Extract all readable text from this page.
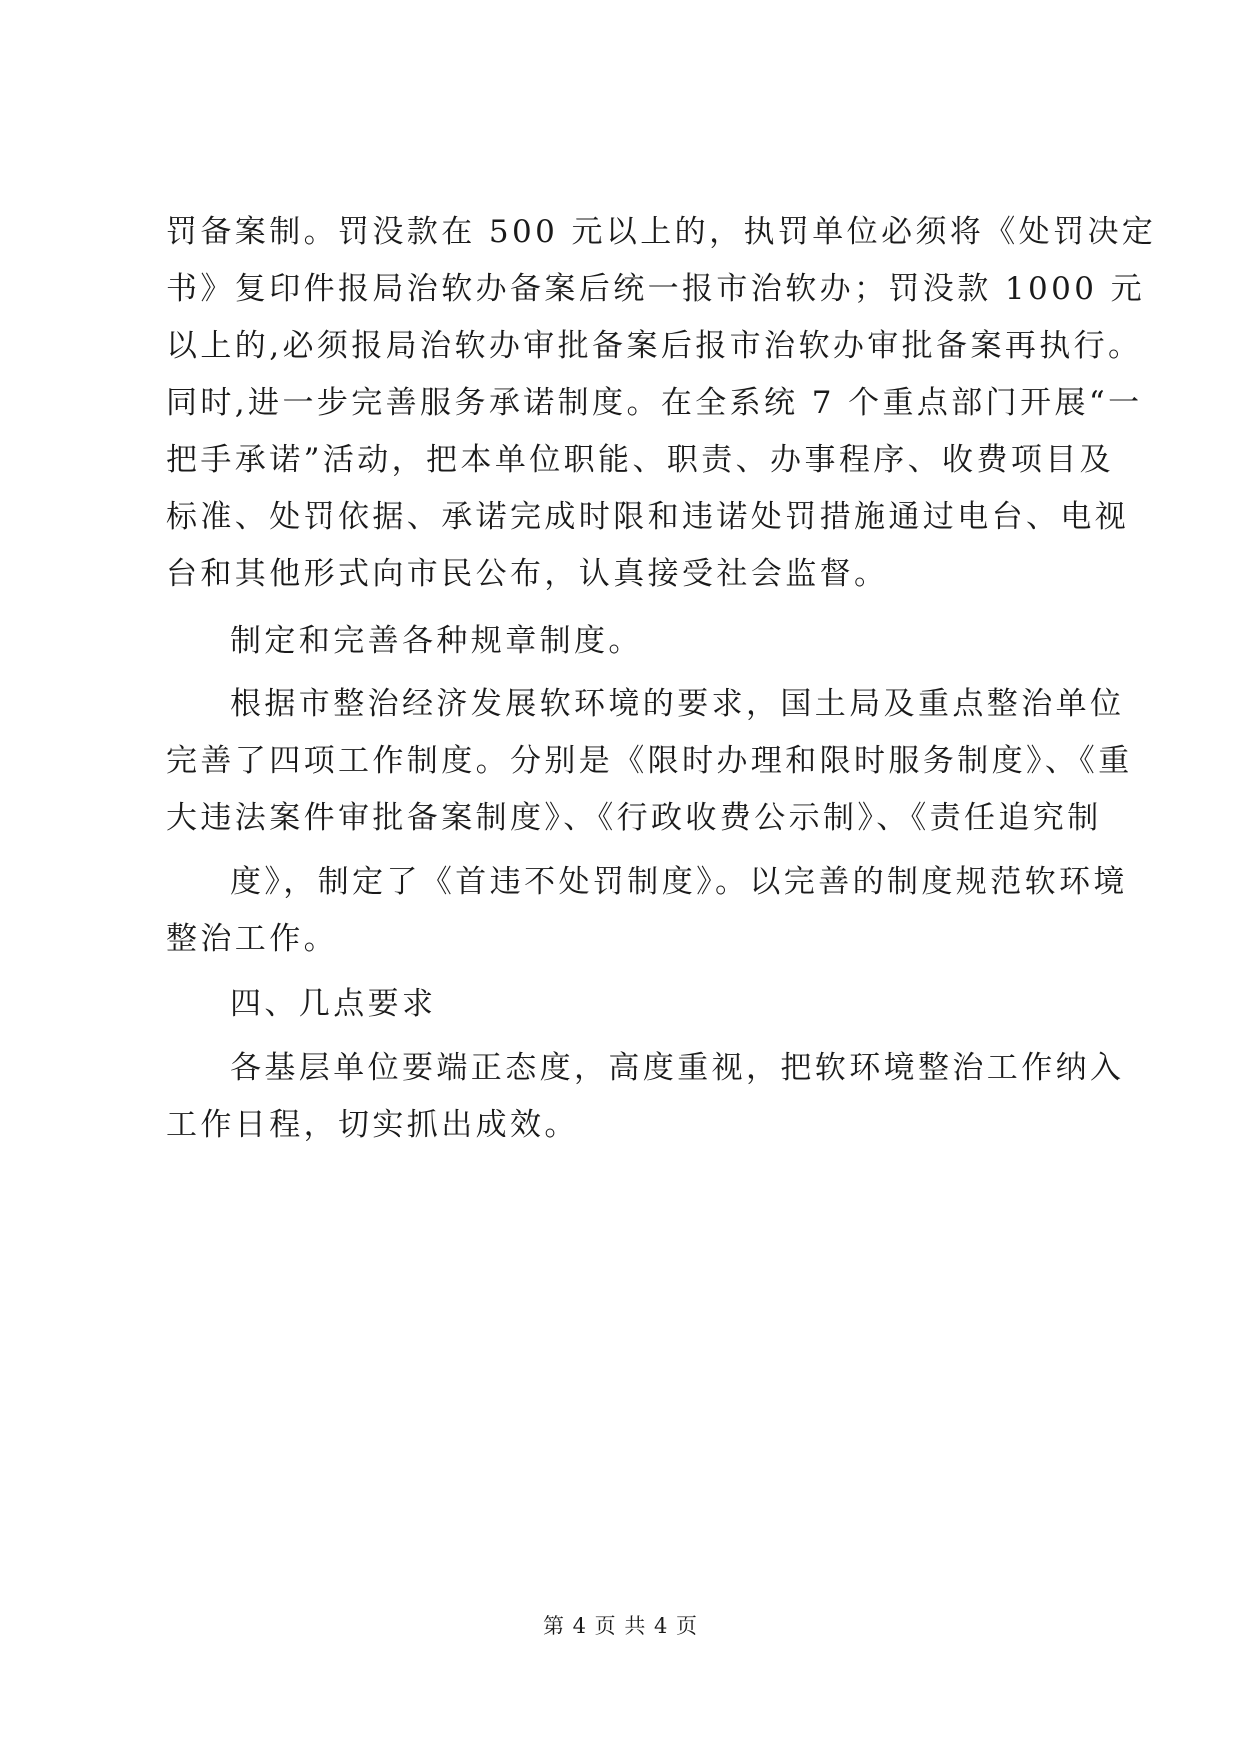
罚备案制。罚没款在 500 元以上的，执罚单位必须将《处罚决定
书》复印件报局治软办备案后统一报市治软办；罚没款 1000 元
以上的,必须报局治软办审批备案后报市治软办审批备案再执行。
同时,进一步完善服务承诺制度。在全系统 7 个重点部门开展“一
把手承诺”活动，把本单位职能、职责、办事程序、收费项目及
标准、处罚依据、承诺完成时限和违诺处罚措施通过电台、电视
台和其他形式向市民公布，认真接受社会监督。
制定和完善各种规章制度。
根据市整治经济发展软环境的要求，国土局及重点整治单位
完善了四项工作制度。分别是《限时办理和限时服务制度》、《重
大违法案件审批备案制度》、《行政收费公示制》、《责任追究制
度》，制定了《首违不处罚制度》。以完善的制度规范软环境
整治工作。
四、几点要求
各基层单位要端正态度，高度重视，把软环境整治工作纳入
工作日程，切实抓出成效。
第 4 页 共 4 页
